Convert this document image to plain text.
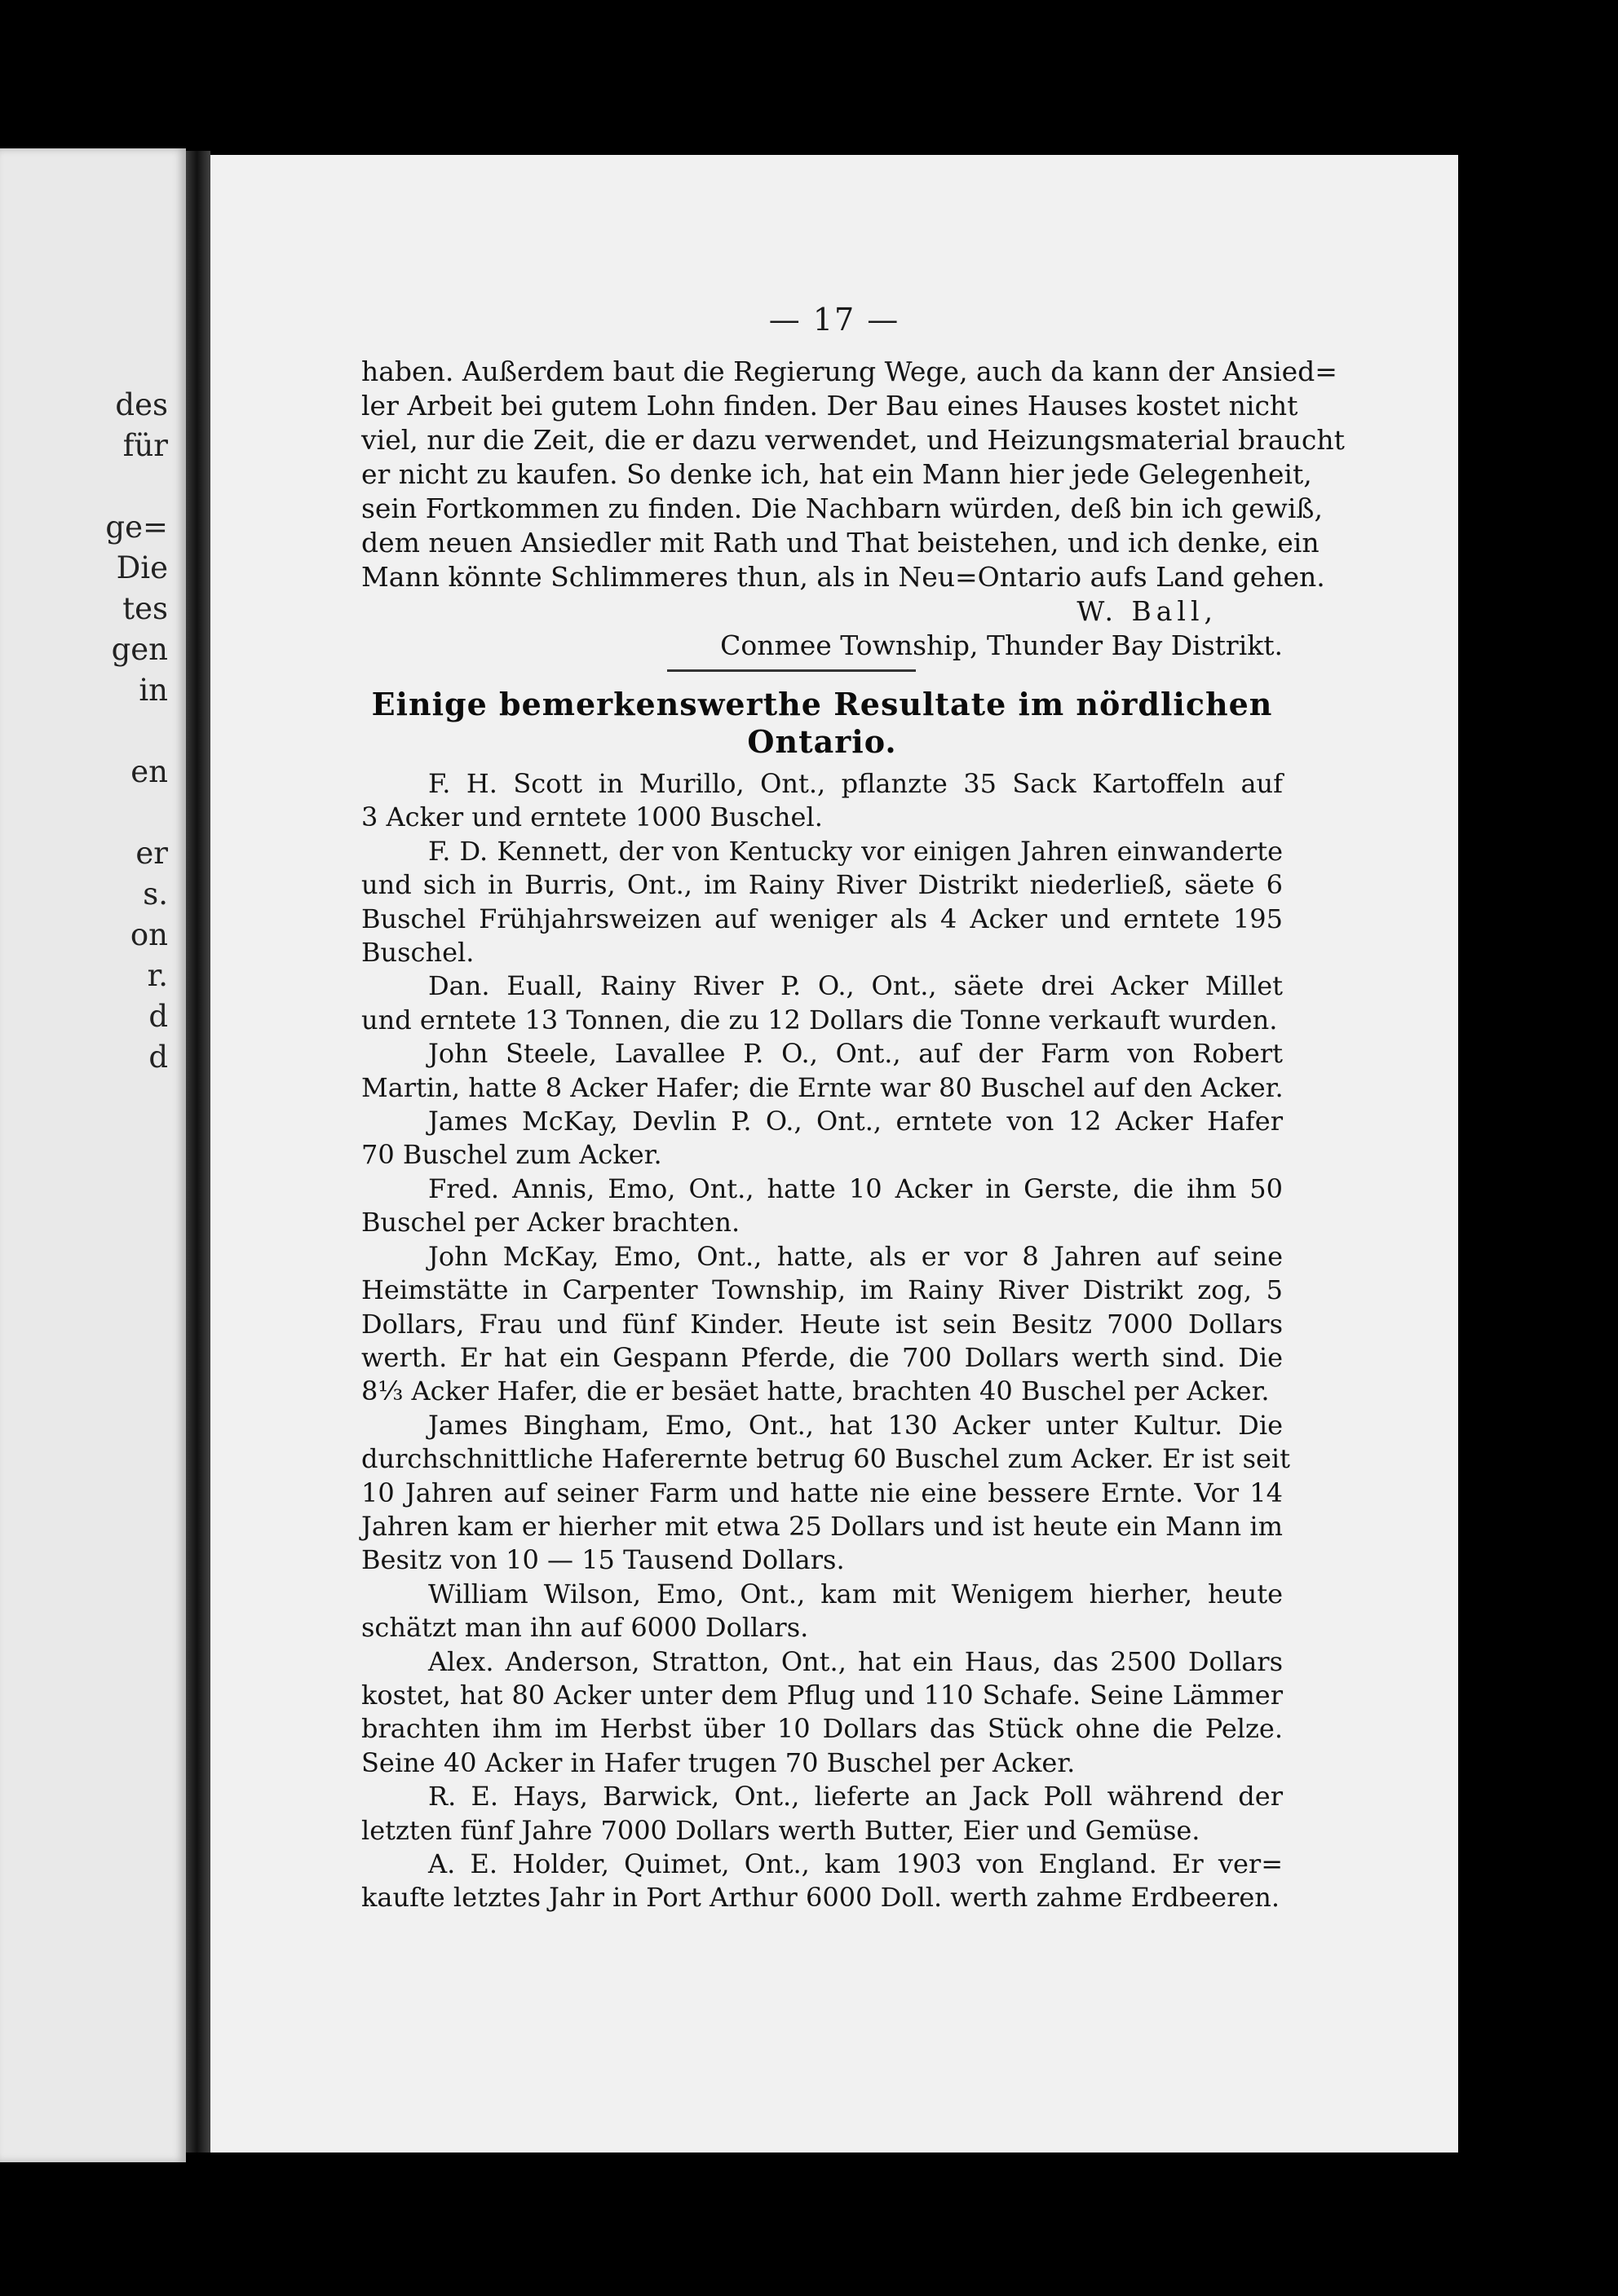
des
für
ge=
Die
tes
gen
in
en
er
s.
on
r.
d
d
— 17 —
haben. Außerdem baut die Regierung Wege, auch da kann der Ansied=
ler Arbeit bei gutem Lohn finden. Der Bau eines Hauses kostet nicht
viel, nur die Zeit, die er dazu verwendet, und Heizungsmaterial braucht
er nicht zu kaufen. So denke ich, hat ein Mann hier jede Gelegenheit,
sein Fortkommen zu finden. Die Nachbarn würden, deß bin ich gewiß,
dem neuen Ansiedler mit Rath und That beistehen, und ich denke, ein
Mann könnte Schlimmeres thun, als in Neu=Ontario aufs Land gehen.
W. Ball,
Conmee Township, Thunder Bay Distrikt.
Einige bemerkenswerthe Resultate im nördlichen
Ontario.
F. H. Scott in Murillo, Ont., pflanzte 35 Sack Kartoffeln auf
3 Acker und erntete 1000 Buschel.
F. D. Kennett, der von Kentucky vor einigen Jahren einwanderte
und sich in Burris, Ont., im Rainy River Distrikt niederließ, säete 6
Buschel Frühjahrsweizen auf weniger als 4 Acker und erntete 195
Buschel.
Dan. Euall, Rainy River P. O., Ont., säete drei Acker Millet
und erntete 13 Tonnen, die zu 12 Dollars die Tonne verkauft wurden.
John Steele, Lavallee P. O., Ont., auf der Farm von Robert
Martin, hatte 8 Acker Hafer; die Ernte war 80 Buschel auf den Acker.
James McKay, Devlin P. O., Ont., erntete von 12 Acker Hafer
70 Buschel zum Acker.
Fred. Annis, Emo, Ont., hatte 10 Acker in Gerste, die ihm 50
Buschel per Acker brachten.
John McKay, Emo, Ont., hatte, als er vor 8 Jahren auf seine
Heimstätte in Carpenter Township, im Rainy River Distrikt zog, 5
Dollars, Frau und fünf Kinder. Heute ist sein Besitz 7000 Dollars
werth. Er hat ein Gespann Pferde, die 700 Dollars werth sind. Die
8⅓ Acker Hafer, die er besäet hatte, brachten 40 Buschel per Acker.
James Bingham, Emo, Ont., hat 130 Acker unter Kultur. Die
durchschnittliche Haferernte betrug 60 Buschel zum Acker. Er ist seit
10 Jahren auf seiner Farm und hatte nie eine bessere Ernte. Vor 14
Jahren kam er hierher mit etwa 25 Dollars und ist heute ein Mann im
Besitz von 10 — 15 Tausend Dollars.
William Wilson, Emo, Ont., kam mit Wenigem hierher, heute
schätzt man ihn auf 6000 Dollars.
Alex. Anderson, Stratton, Ont., hat ein Haus, das 2500 Dollars
kostet, hat 80 Acker unter dem Pflug und 110 Schafe. Seine Lämmer
brachten ihm im Herbst über 10 Dollars das Stück ohne die Pelze.
Seine 40 Acker in Hafer trugen 70 Buschel per Acker.
R. E. Hays, Barwick, Ont., lieferte an Jack Poll während der
letzten fünf Jahre 7000 Dollars werth Butter, Eier und Gemüse.
A. E. Holder, Quimet, Ont., kam 1903 von England. Er ver=
kaufte letztes Jahr in Port Arthur 6000 Doll. werth zahme Erdbeeren.
